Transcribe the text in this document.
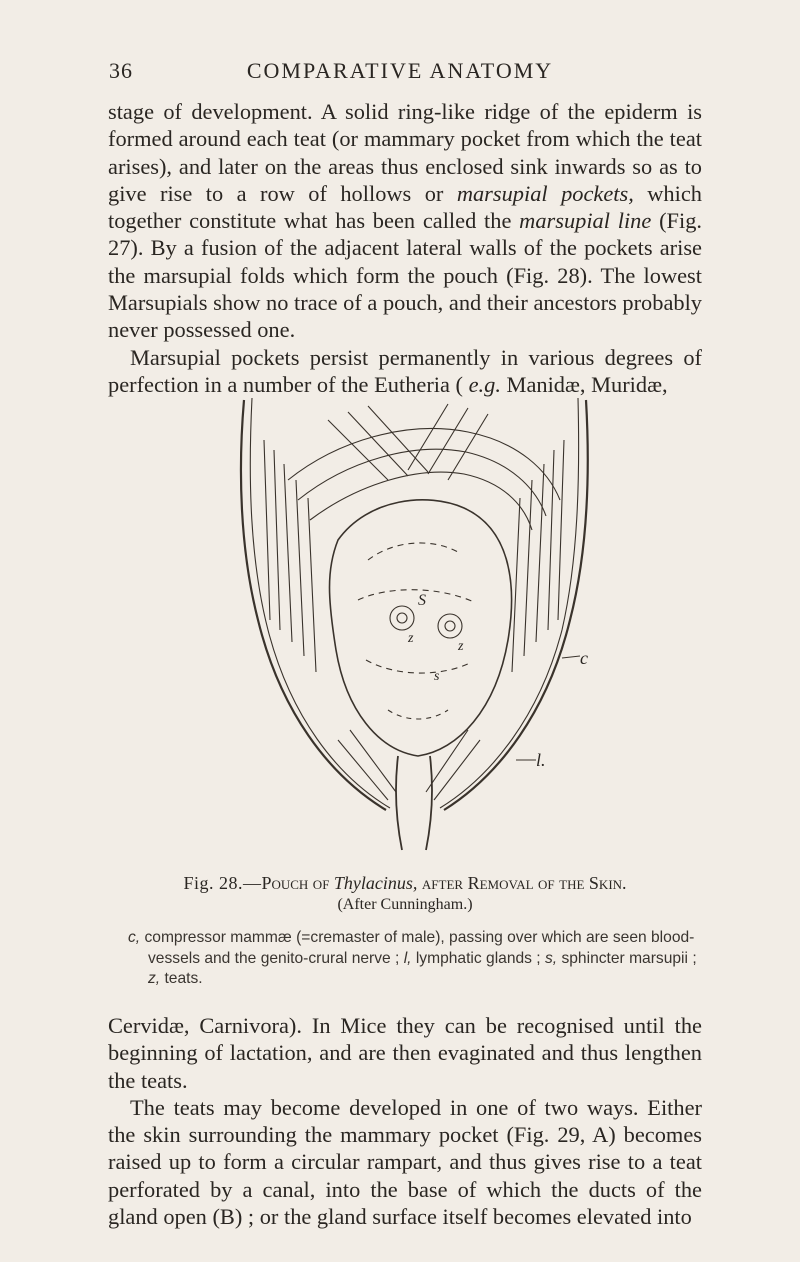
36	COMPARATIVE ANATOMY

stage of development. A solid ring-like ridge of the epiderm is formed around each teat (or mammary pocket from which the teat arises), and later on the areas thus enclosed sink inwards so as to give rise to a row of hollows or marsupial pockets, which together constitute what has been called the marsupial line (Fig. 27). By a fusion of the adjacent lateral walls of the pockets arise the marsupial folds which form the pouch (Fig. 28). The lowest Marsupials show no trace of a pouch, and their ancestors probably never possessed one.

Marsupial pockets persist permanently in various degrees of perfection in a number of the Eutheria ( e.g. Manidæ, Muridæ,

c
l.
S
s
z
z
Fig. 28.—Pouch of Thylacinus, after Removal of the Skin.
(After Cunningham.)
c, compressor mammæ (=cremaster of male), passing over which are seen blood-vessels and the genito-crural nerve ; l, lymphatic glands ; s, sphincter marsupii ; z, teats.

Cervidæ, Carnivora). In Mice they can be recognised until the beginning of lactation, and are then evaginated and thus lengthen the teats.

The teats may become developed in one of two ways. Either the skin surrounding the mammary pocket (Fig. 29, A) becomes raised up to form a circular rampart, and thus gives rise to a teat perforated by a canal, into the base of which the ducts of the gland open (B) ; or the gland surface itself becomes elevated into
